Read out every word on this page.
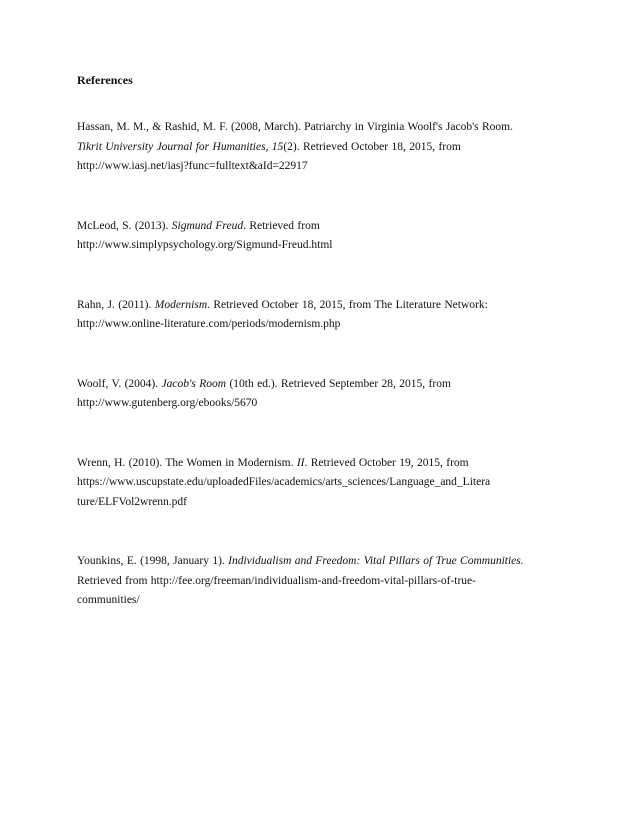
References
Hassan, M. M., & Rashid, M. F. (2008, March). Patriarchy in Virginia Woolf's Jacob's Room.
Tikrit University Journal for Humanities, 15(2). Retrieved October 18, 2015, from
http://www.iasj.net/iasj?func=fulltext&aId=22917
McLeod, S. (2013). Sigmund Freud. Retrieved from
http://www.simplypsychology.org/Sigmund-Freud.html
Rahn, J. (2011). Modernism. Retrieved October 18, 2015, from The Literature Network:
http://www.online-literature.com/periods/modernism.php
Woolf, V. (2004). Jacob's Room (10th ed.). Retrieved September 28, 2015, from
http://www.gutenberg.org/ebooks/5670
Wrenn, H. (2010). The Women in Modernism. II. Retrieved October 19, 2015, from
https://www.uscupstate.edu/uploadedFiles/academics/arts_sciences/Language_and_Litera
ture/ELFVol2wrenn.pdf
Younkins, E. (1998, January 1). Individualism and Freedom: Vital Pillars of True Communities.
Retrieved from http://fee.org/freeman/individualism-and-freedom-vital-pillars-of-true-
communities/
